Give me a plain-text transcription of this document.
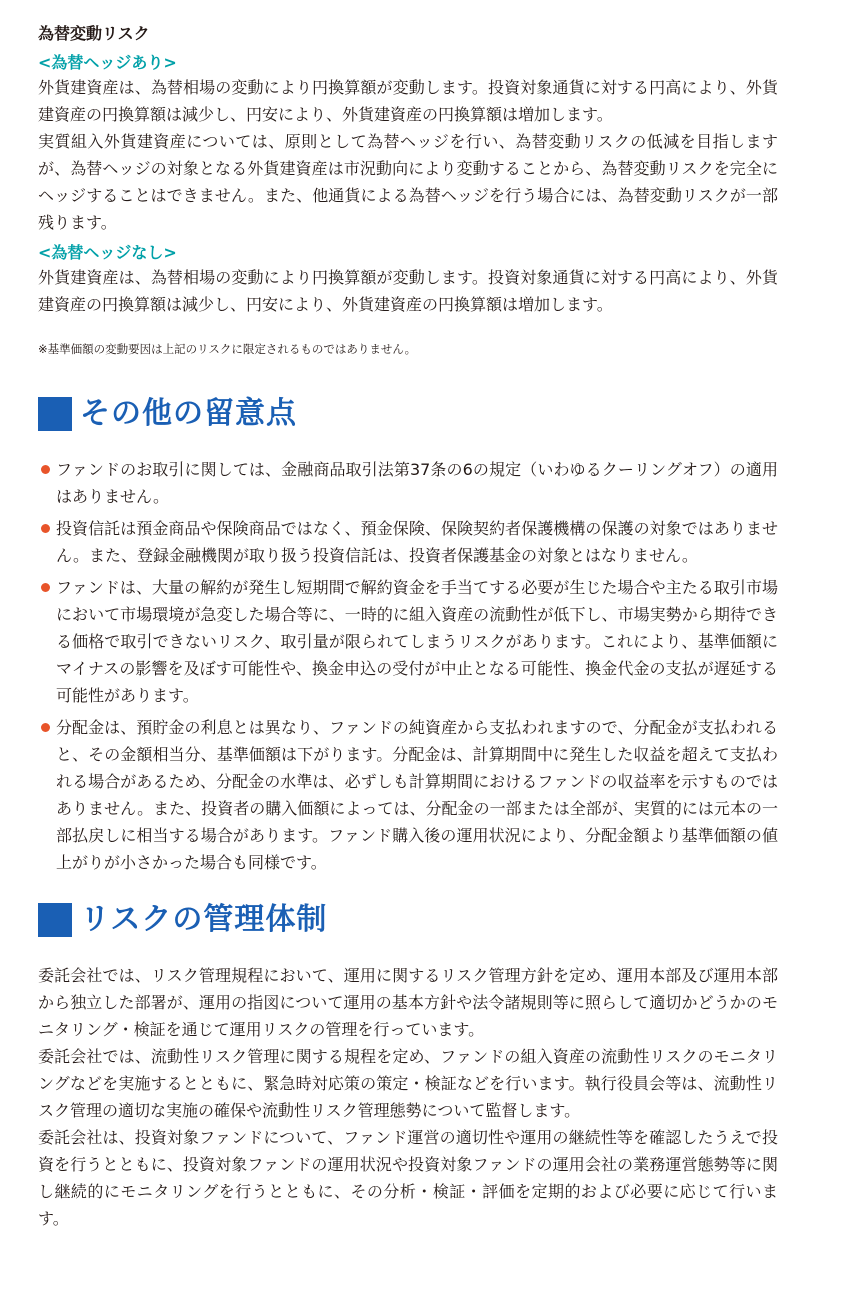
為替変動リスク
<為替ヘッジあり>

外貨建資産は、為替相場の変動により円換算額が変動します。投資対象通貨に対する円高により、外貨建資産の円換算額は減少し、円安により、外貨建資産の円換算額は増加します。

実質組入外貨建資産については、原則として為替ヘッジを行い、為替変動リスクの低減を目指しますが、為替ヘッジの対象となる外貨建資産は市況動向により変動することから、為替変動リスクを完全にヘッジすることはできません。また、他通貨による為替ヘッジを行う場合には、為替変動リスクが一部残ります。

<為替ヘッジなし>

外貨建資産は、為替相場の変動により円換算額が変動します。投資対象通貨に対する円高により、外貨建資産の円換算額は減少し、円安により、外貨建資産の円換算額は増加します。

※基準価額の変動要因は上記のリスクに限定されるものではありません。

その他の留意点
ファンドのお取引に関しては、金融商品取引法第37条の6の規定（いわゆるクーリングオフ）の適用はありません。
投資信託は預金商品や保険商品ではなく、預金保険、保険契約者保護機構の保護の対象ではありません。また、登録金融機関が取り扱う投資信託は、投資者保護基金の対象とはなりません。
ファンドは、大量の解約が発生し短期間で解約資金を手当てする必要が生じた場合や主たる取引市場において市場環境が急変した場合等に、一時的に組入資産の流動性が低下し、市場実勢から期待できる価格で取引できないリスク、取引量が限られてしまうリスクがあります。これにより、基準価額にマイナスの影響を及ぼす可能性や、換金申込の受付が中止となる可能性、換金代金の支払が遅延する可能性があります。
分配金は、預貯金の利息とは異なり、ファンドの純資産から支払われますので、分配金が支払われると、その金額相当分、基準価額は下がります。分配金は、計算期間中に発生した収益を超えて支払われる場合があるため、分配金の水準は、必ずしも計算期間におけるファンドの収益率を示すものではありません。また、投資者の購入価額によっては、分配金の一部または全部が、実質的には元本の一部払戻しに相当する場合があります。ファンド購入後の運用状況により、分配金額より基準価額の値上がりが小さかった場合も同様です。
リスクの管理体制

委託会社では、リスク管理規程において、運用に関するリスク管理方針を定め、運用本部及び運用本部から独立した部署が、運用の指図について運用の基本方針や法令諸規則等に照らして適切かどうかのモニタリング・検証を通じて運用リスクの管理を行っています。

委託会社では、流動性リスク管理に関する規程を定め、ファンドの組入資産の流動性リスクのモニタリングなどを実施するとともに、緊急時対応策の策定・検証などを行います。執行役員会等は、流動性リスク管理の適切な実施の確保や流動性リスク管理態勢について監督します。

委託会社は、投資対象ファンドについて、ファンド運営の適切性や運用の継続性等を確認したうえで投資を行うとともに、投資対象ファンドの運用状況や投資対象ファンドの運用会社の業務運営態勢等に関し継続的にモニタリングを行うとともに、その分析・検証・評価を定期的および必要に応じて行います。
